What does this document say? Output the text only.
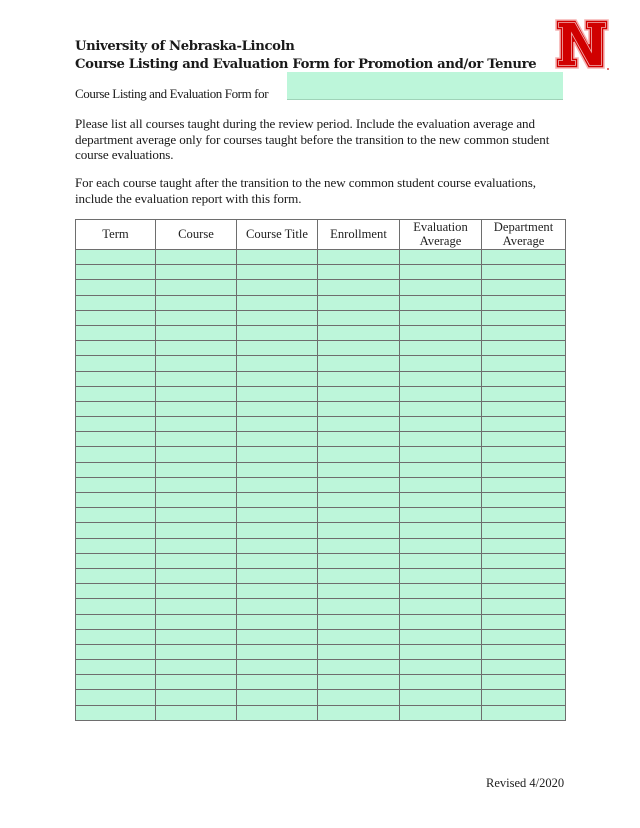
University of Nebraska-Lincoln
Course Listing and Evaluation Form for Promotion and/or Tenure
Course Listing and Evaluation Form for
Please list all courses taught during the review period. Include the evaluation average and department average only for courses taught before the transition to the new common student course evaluations.
For each course taught after the transition to the new common student course evaluations, include the evaluation report with this form.
Term	Course	Course Title	Enrollment	Evaluation Average	Department Average

Revised 4/2020
